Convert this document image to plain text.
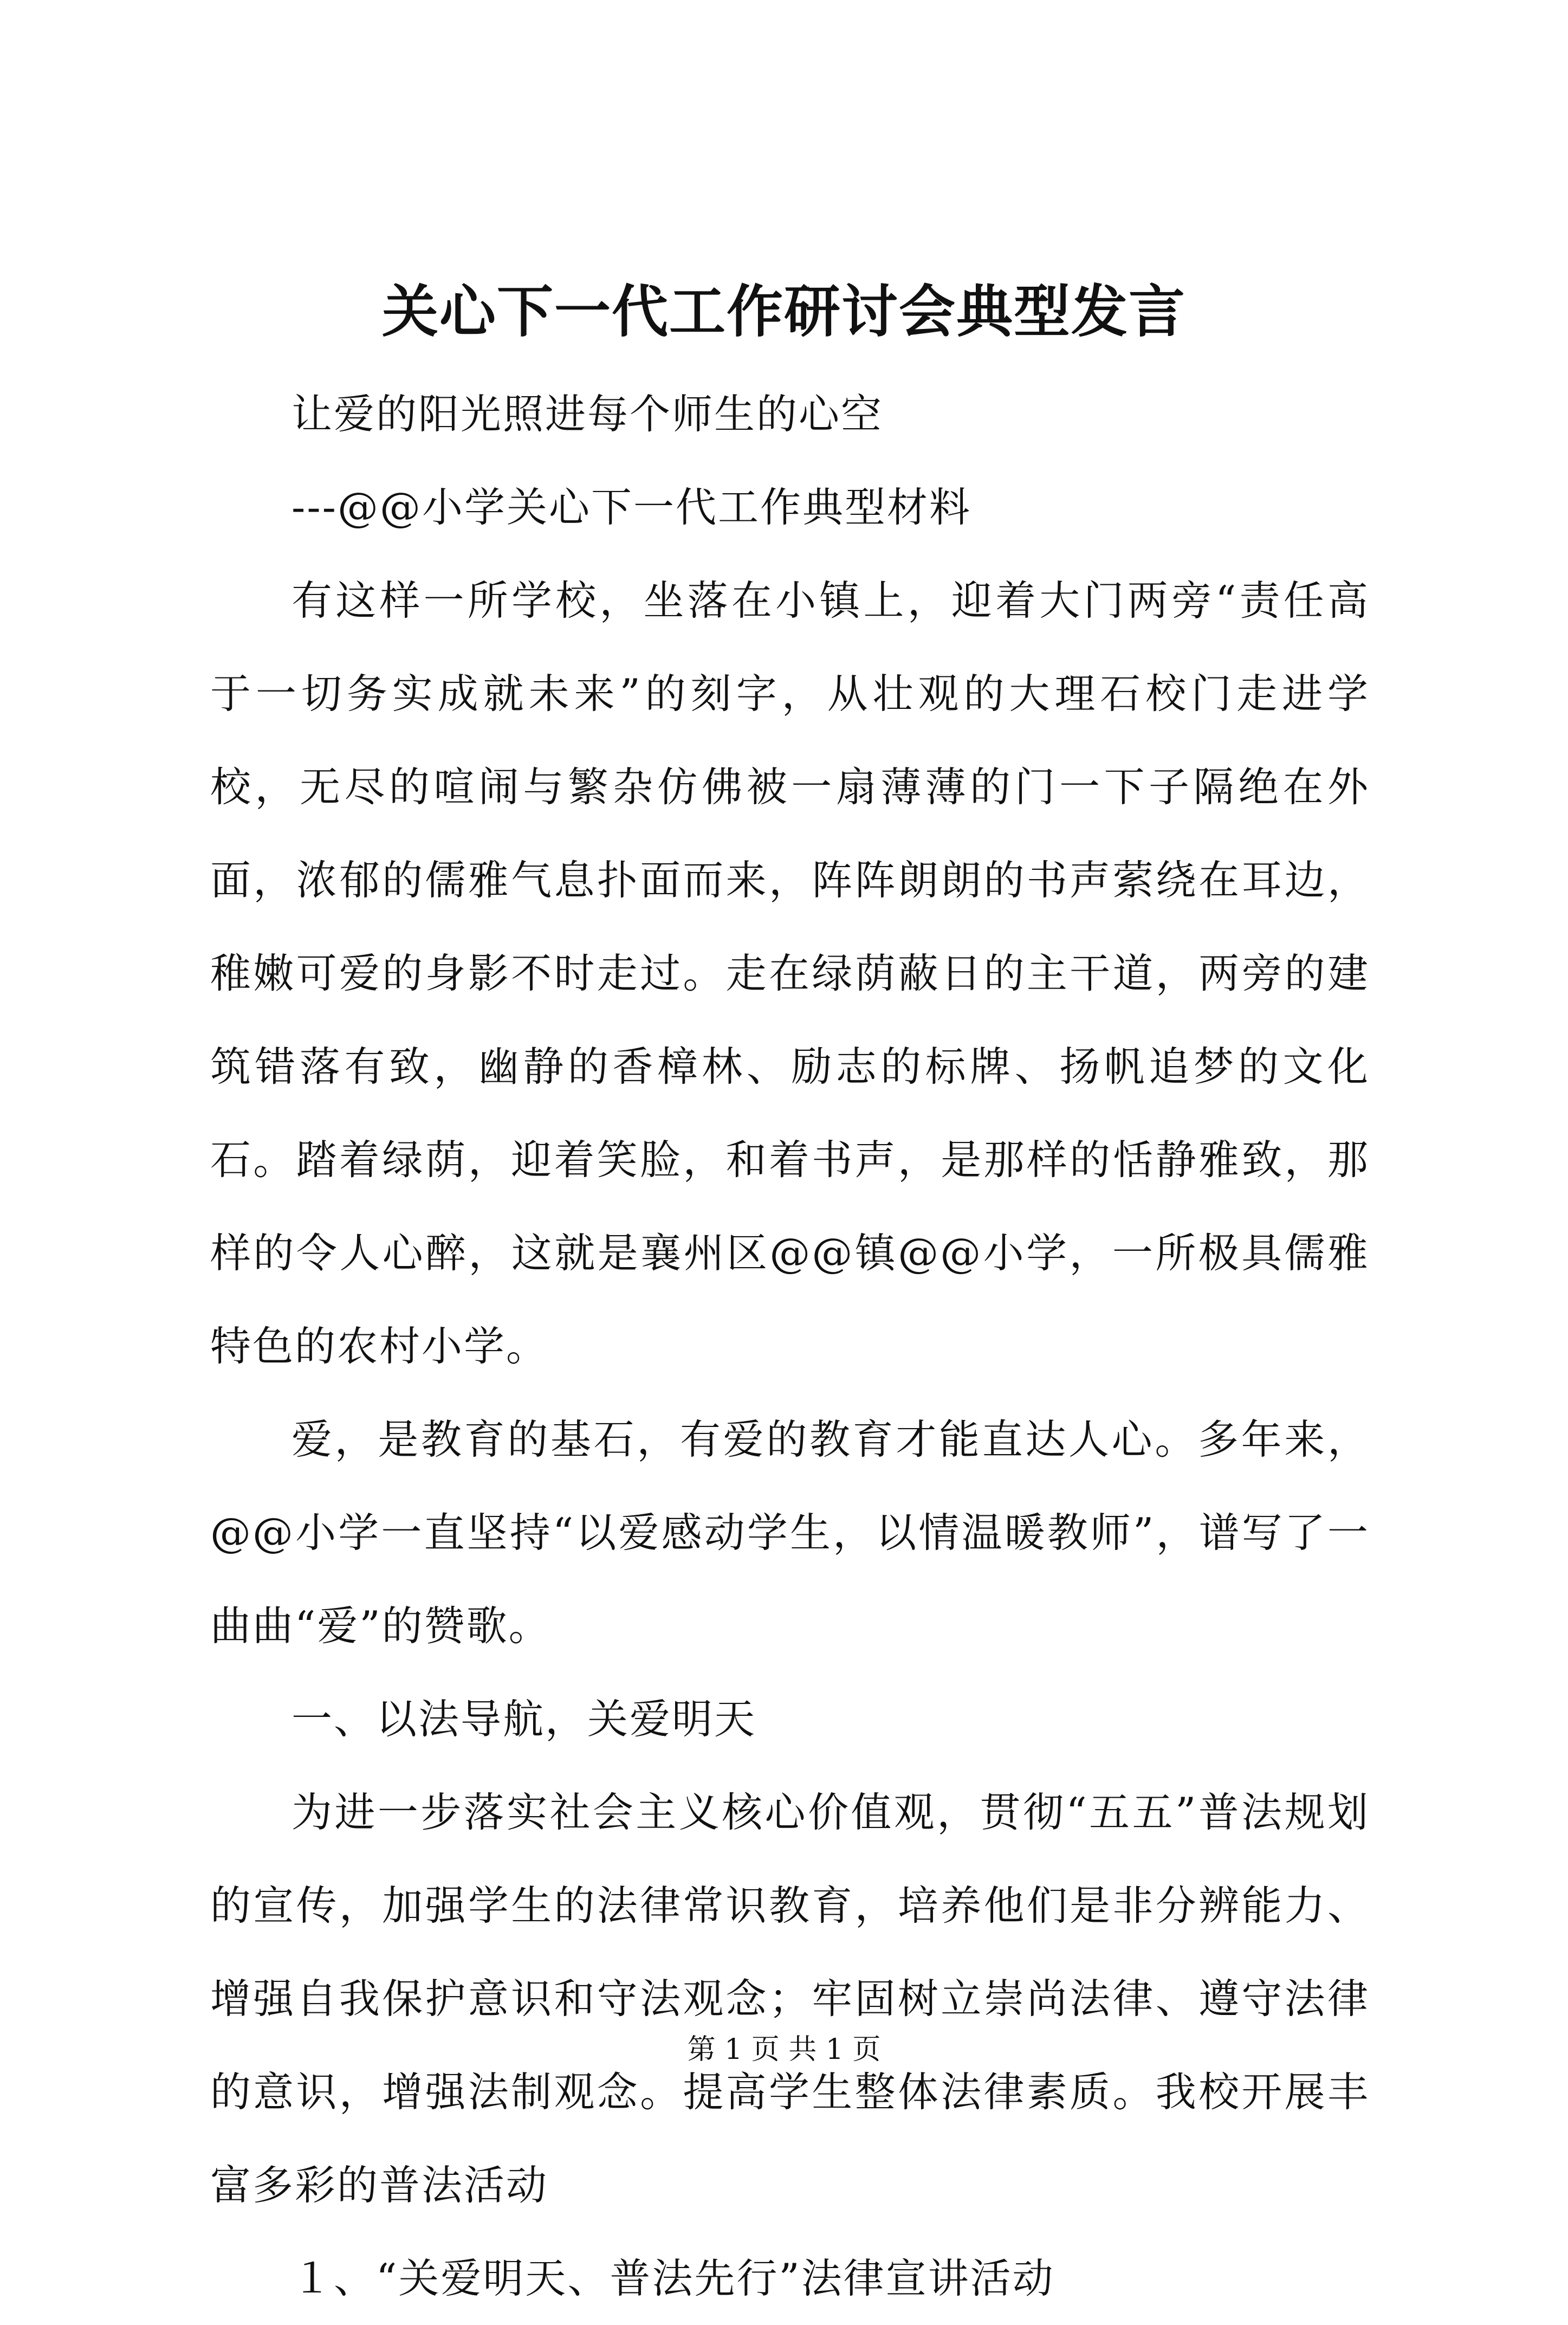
关心下一代工作研讨会典型发言

让爱的阳光照进每个师生的心空

---@@小学关心下一代工作典型材料

有这样一所学校，坐落在小镇上，迎着大门两旁“责任高于一切务实成就未来”的刻字，从壮观的大理石校门走进学校，无尽的喧闹与繁杂仿佛被一扇薄薄的门一下子隔绝在外面，浓郁的儒雅气息扑面而来，阵阵朗朗的书声萦绕在耳边，稚嫩可爱的身影不时走过。走在绿荫蔽日的主干道，两旁的建筑错落有致，幽静的香樟林、励志的标牌、扬帆追梦的文化石。踏着绿荫，迎着笑脸，和着书声，是那样的恬静雅致，那样的令人心醉，这就是襄州区@@镇@@小学，一所极具儒雅特色的农村小学。

爱，是教育的基石，有爱的教育才能直达人心。多年来，@@小学一直坚持“以爱感动学生，以情温暖教师”，谱写了一曲曲“爱”的赞歌。

一、以法导航，关爱明天

为进一步落实社会主义核心价值观，贯彻“五五”普法规划的宣传，加强学生的法律常识教育，培养他们是非分辨能力、增强自我保护意识和守法观念；牢固树立崇尚法律、遵守法律的意识，增强法制观念。提高学生整体法律素质。我校开展丰富多彩的普法活动

１、“关爱明天、普法先行”法律宣讲活动

第 1 页 共 1 页
